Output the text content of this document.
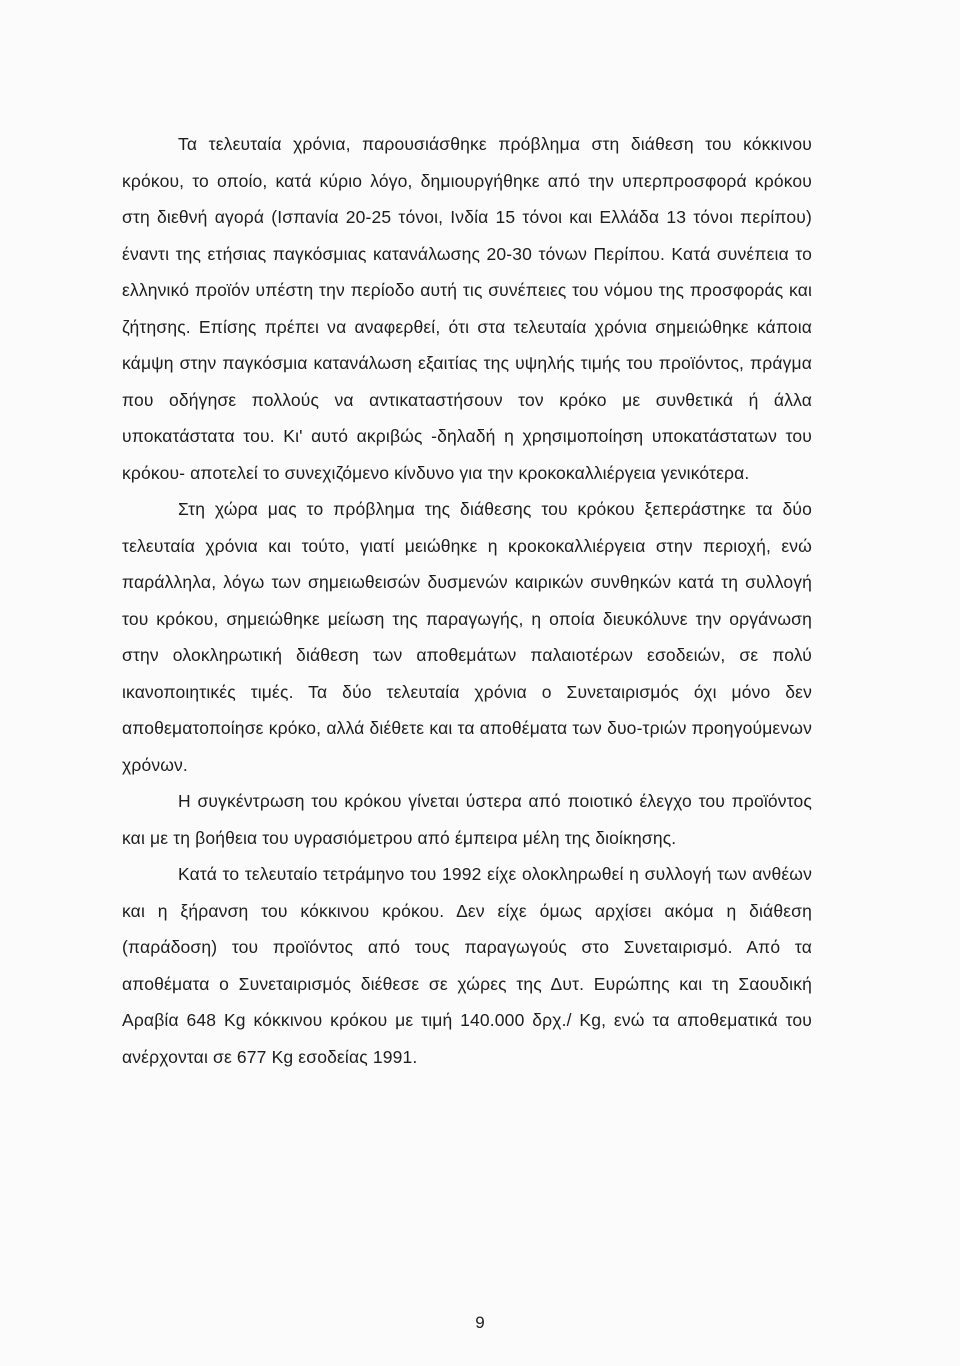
Τα τελευταία χρόνια, παρουσιάσθηκε πρόβλημα στη διάθεση του κόκκινου κρόκου, το οποίο, κατά κύριο λόγο, δημιουργήθηκε από την υπερπροσφορά κρόκου στη διεθνή αγορά (Ισπανία 20-25 τόνοι, Ινδία 15 τόνοι και Ελλάδα 13 τόνοι περίπου) έναντι της ετήσιας παγκόσμιας κατανάλωσης 20-30 τόνων Περίπου. Κατά συνέπεια το ελληνικό προϊόν υπέστη την περίοδο αυτή τις συνέπειες του νόμου της προσφοράς και ζήτησης. Επίσης πρέπει να αναφερθεί, ότι στα τελευταία χρόνια σημειώθηκε κάποια κάμψη στην παγκόσμια κατανάλωση εξαιτίας της υψηλής τιμής του προϊόντος, πράγμα που οδήγησε πολλούς να αντικαταστήσουν τον κρόκο με συνθετικά ή άλλα υποκατάστατα του. Κι' αυτό ακριβώς -δηλαδή η χρησιμοποίηση υποκατάστατων του κρόκου- αποτελεί το συνεχιζόμενο κίνδυνο για την κροκοκαλλιέργεια γενικότερα.

Στη χώρα μας το πρόβλημα της διάθεσης του κρόκου ξεπεράστηκε τα δύο τελευταία χρόνια και τούτο, γιατί μειώθηκε η κροκοκαλλιέργεια στην περιοχή, ενώ παράλληλα, λόγω των σημειωθεισών δυσμενών καιρικών συνθηκών κατά τη συλλογή του κρόκου, σημειώθηκε μείωση της παραγωγής, η οποία διευκόλυνε την οργάνωση στην ολοκληρωτική διάθεση των αποθεμάτων παλαιοτέρων εσοδειών, σε πολύ ικανοποιητικές τιμές. Τα δύο τελευταία χρόνια ο Συνεταιρισμός όχι μόνο δεν αποθεματοποίησε κρόκο, αλλά διέθετε και τα αποθέματα των δυο-τριών προηγούμενων χρόνων.

Η συγκέντρωση του κρόκου γίνεται ύστερα από ποιοτικό έλεγχο του προϊόντος και με τη βοήθεια του υγρασιόμετρου από έμπειρα μέλη της διοίκησης.

Κατά το τελευταίο τετράμηνο του 1992 είχε ολοκληρωθεί η συλλογή των ανθέων και η ξήρανση του κόκκινου κρόκου. Δεν είχε όμως αρχίσει ακόμα η διάθεση (παράδοση) του προϊόντος από τους παραγωγούς στο Συνεταιρισμό. Από τα αποθέματα ο Συνεταιρισμός διέθεσε σε χώρες της Δυτ. Ευρώπης και τη Σαουδική Αραβία 648 Kg κόκκινου κρόκου με τιμή 140.000 δρχ./ Kg, ενώ τα αποθεματικά του ανέρχονται σε 677 Kg εσοδείας 1991.

9
